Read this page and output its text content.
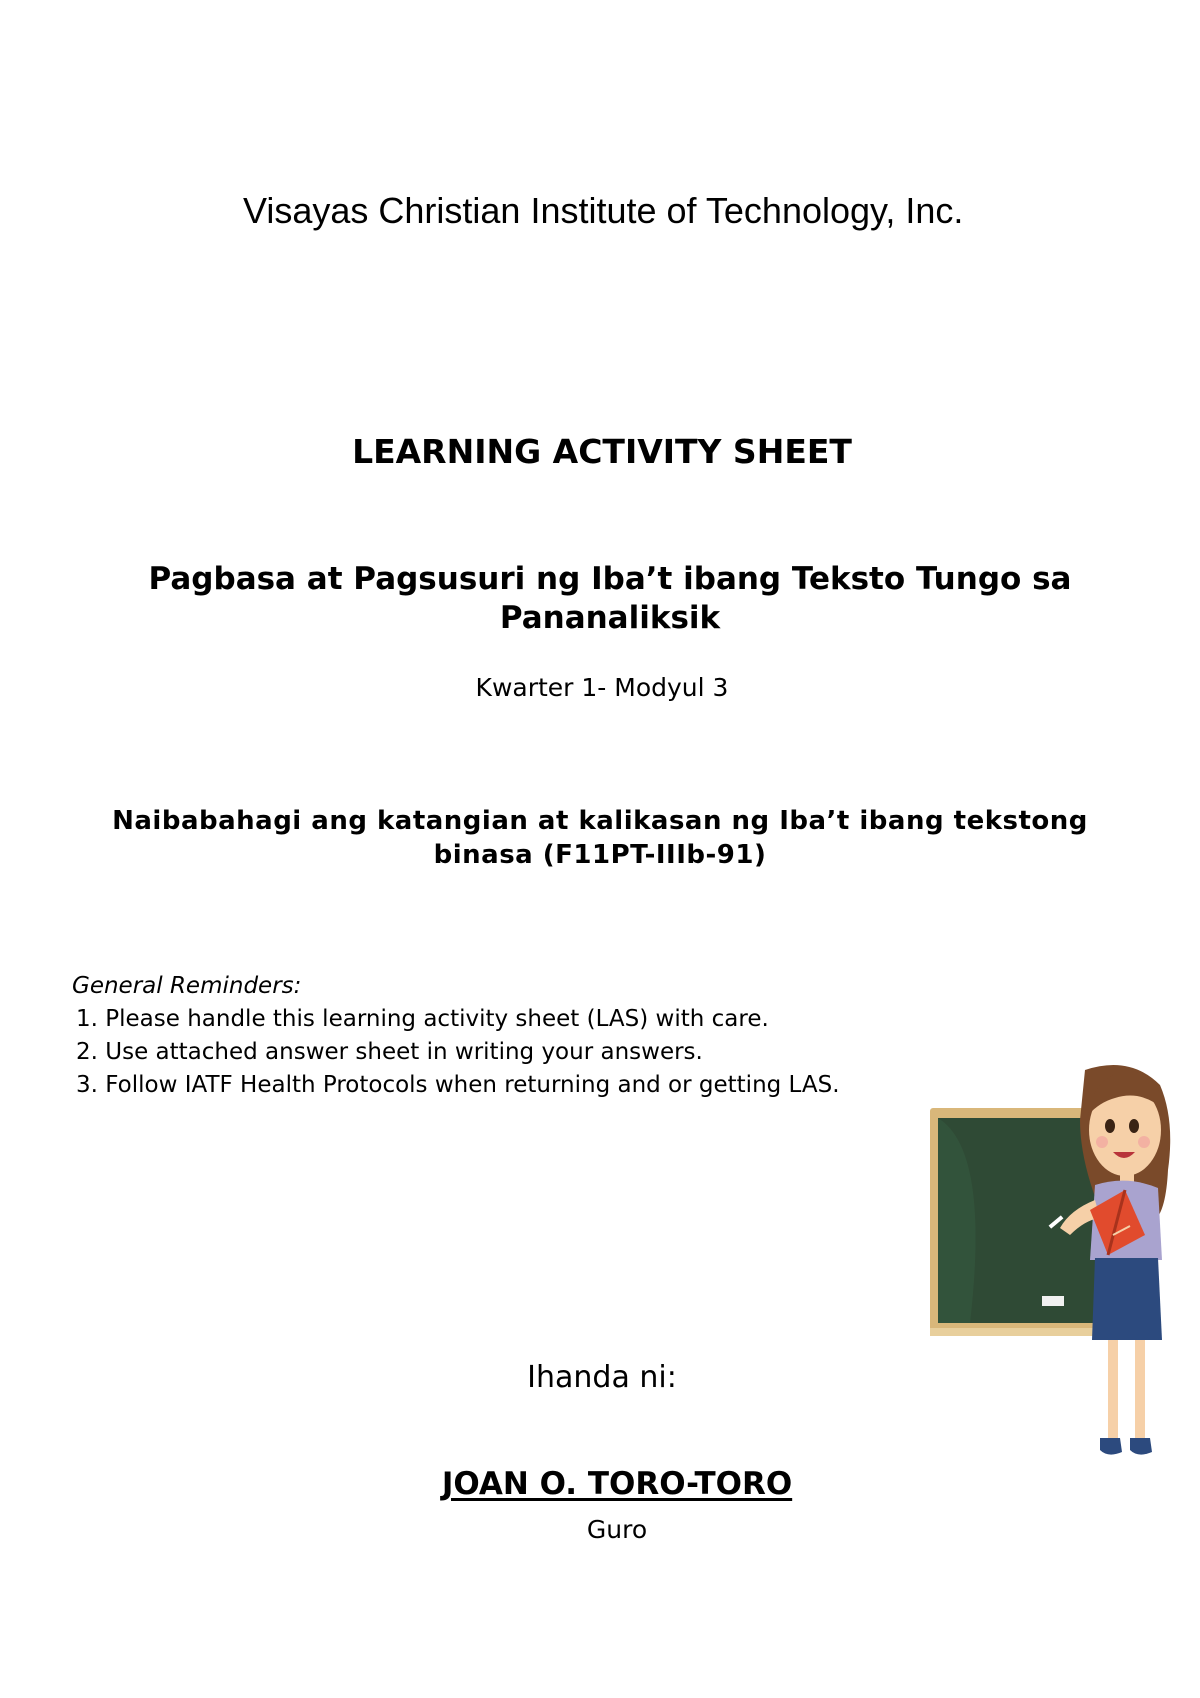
Visayas Christian Institute of Technology, Inc.
LEARNING ACTIVITY SHEET
Pagbasa at Pagsusuri ng Iba’t ibang Teksto Tungo sa Pananaliksik
Kwarter 1- Modyul 3
Naibabahagi ang katangian at kalikasan ng Iba’t ibang tekstong binasa (F11PT-IIIb-91)
General Reminders:
1. Please handle this learning activity sheet (LAS) with care.
2. Use attached answer sheet in writing your answers.
3. Follow IATF Health Protocols when returning and or getting LAS.
Ihanda ni:
JOAN O. TORO-TORO
Guro
